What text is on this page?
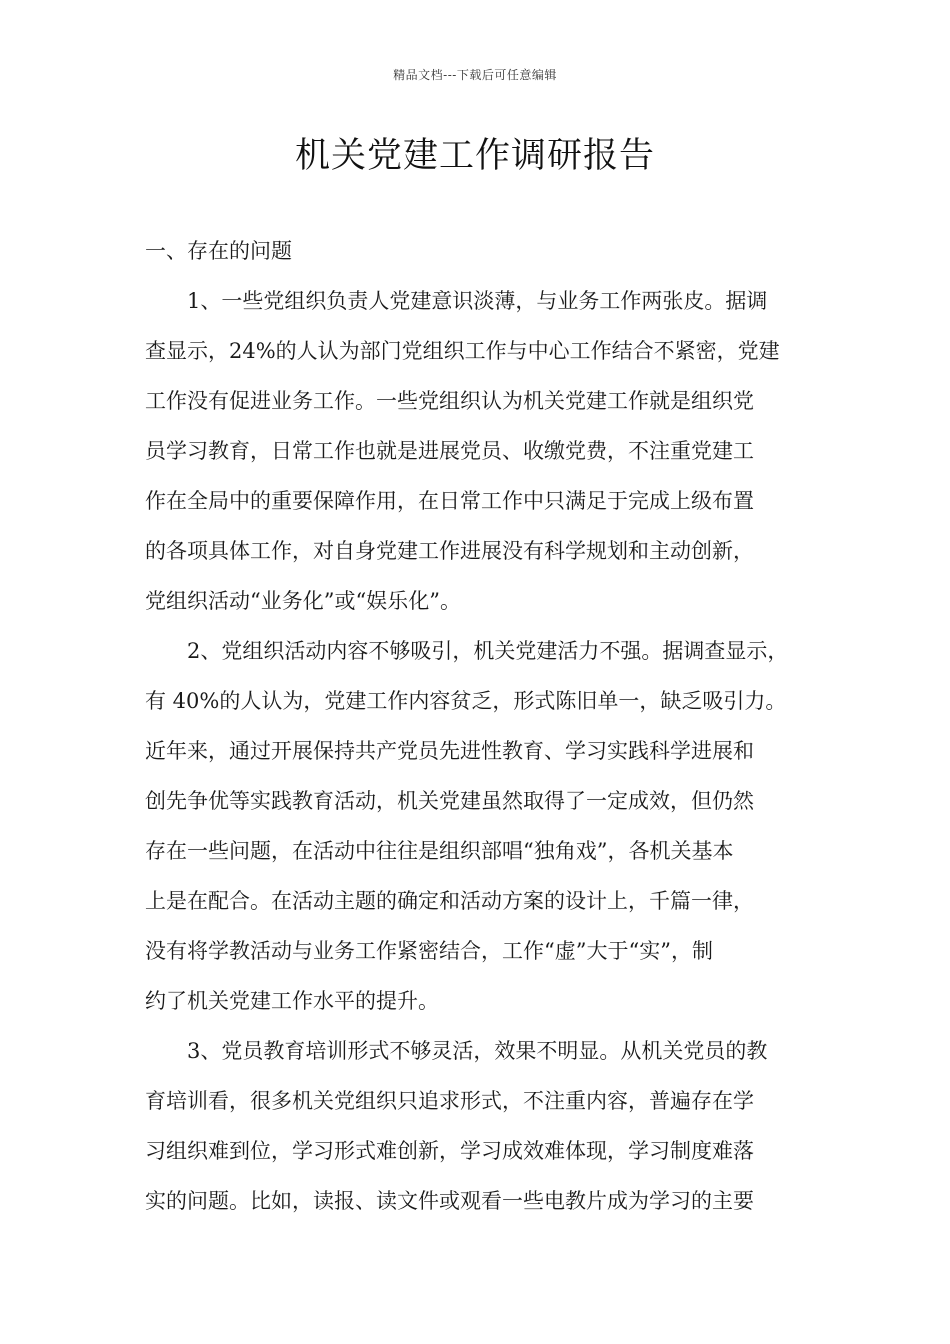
精品文档---下载后可任意编辑
机关党建工作调研报告
一、存在的问题
1、一些党组织负责人党建意识淡薄，与业务工作两张皮。据调
查显示，24%的人认为部门党组织工作与中心工作结合不紧密，党建
工作没有促进业务工作。一些党组织认为机关党建工作就是组织党
员学习教育，日常工作也就是进展党员、收缴党费，不注重党建工
作在全局中的重要保障作用，在日常工作中只满足于完成上级布置
的各项具体工作，对自身党建工作进展没有科学规划和主动创新，
党组织活动“业务化”或“娱乐化”。
2、党组织活动内容不够吸引，机关党建活力不强。据调查显示，
有 40%的人认为，党建工作内容贫乏，形式陈旧单一，缺乏吸引力。
近年来，通过开展保持共产党员先进性教育、学习实践科学进展和
创先争优等实践教育活动，机关党建虽然取得了一定成效，但仍然
存在一些问题，在活动中往往是组织部唱“独角戏”，各机关基本
上是在配合。在活动主题的确定和活动方案的设计上，千篇一律，
没有将学教活动与业务工作紧密结合，工作“虚”大于“实”，制
约了机关党建工作水平的提升。
3、党员教育培训形式不够灵活，效果不明显。从机关党员的教
育培训看，很多机关党组织只追求形式，不注重内容，普遍存在学
习组织难到位，学习形式难创新，学习成效难体现，学习制度难落
实的问题。比如，读报、读文件或观看一些电教片成为学习的主要
